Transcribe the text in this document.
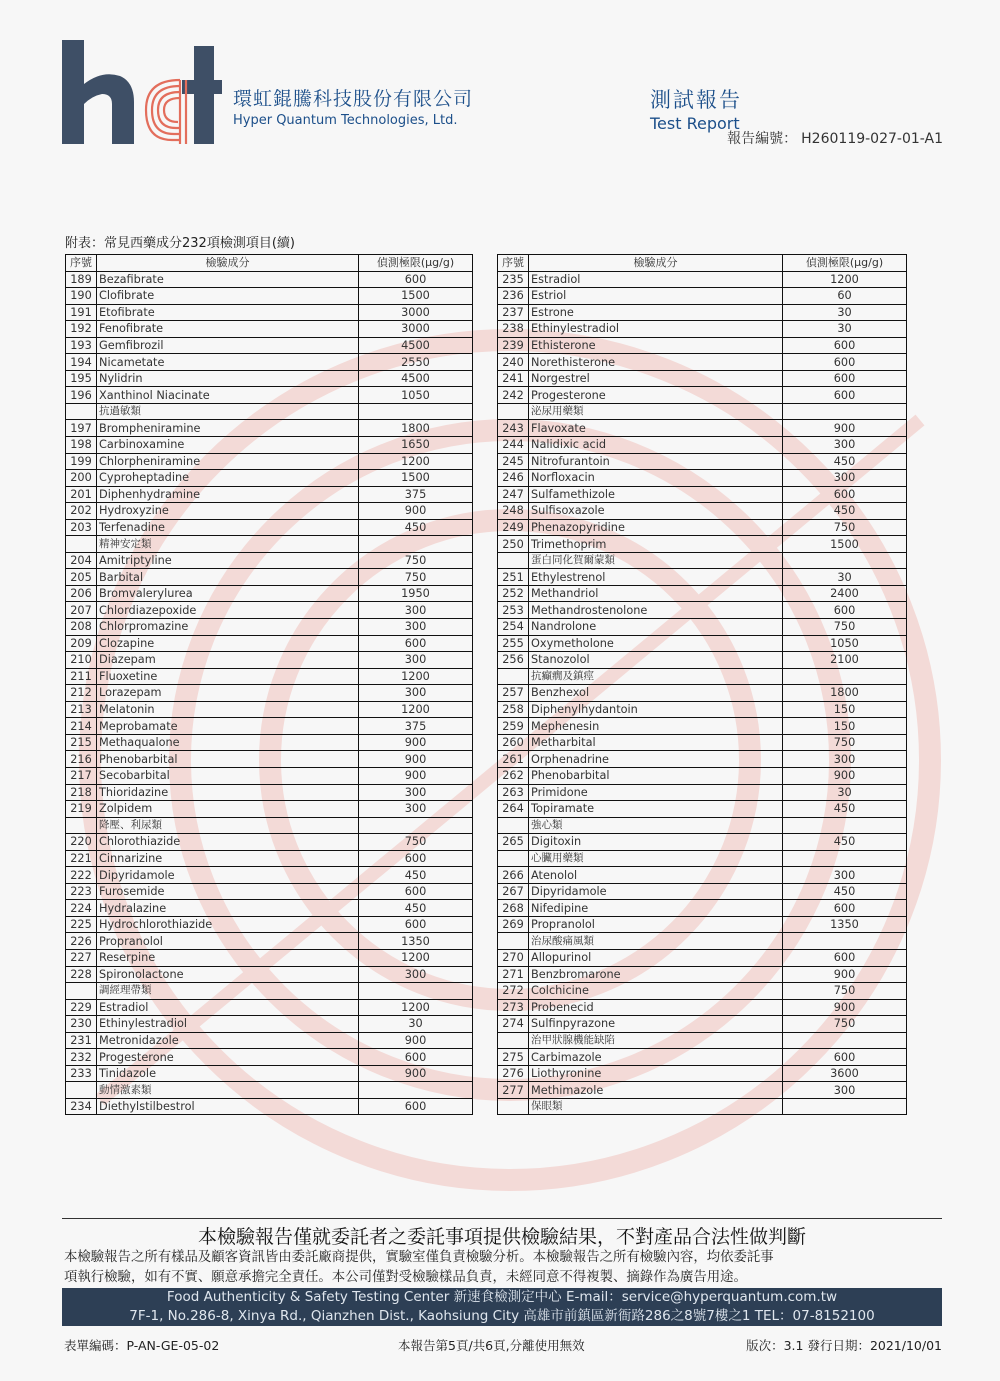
環虹錕騰科技股份有限公司
Hyper Quantum Technologies, Ltd.
測試報告
Test Report
報告編號： H260119-027-01-A1
附表：常見西藥成分232項檢測項目(續)
序號	檢驗成分	偵測極限(μg/g)
189	Bezafibrate	600
190	Clofibrate	1500
191	Etofibrate	3000
192	Fenofibrate	3000
193	Gemfibrozil	4500
194	Nicametate	2550
195	Nylidrin	4500
196	Xanthinol Niacinate	1050
	抗過敏類	
197	Brompheniramine	1800
198	Carbinoxamine	1650
199	Chlorpheniramine	1200
200	Cyproheptadine	1500
201	Diphenhydramine	375
202	Hydroxyzine	900
203	Terfenadine	450
	精神安定類	
204	Amitriptyline	750
205	Barbital	750
206	Bromvalerylurea	1950
207	Chlordiazepoxide	300
208	Chlorpromazine	300
209	Clozapine	600
210	Diazepam	300
211	Fluoxetine	1200
212	Lorazepam	300
213	Melatonin	1200
214	Meprobamate	375
215	Methaqualone	900
216	Phenobarbital	900
217	Secobarbital	900
218	Thioridazine	300
219	Zolpidem	300
	降壓、利尿類	
220	Chlorothiazide	750
221	Cinnarizine	600
222	Dipyridamole	450
223	Furosemide	600
224	Hydralazine	450
225	Hydrochlorothiazide	600
226	Propranolol	1350
227	Reserpine	1200
228	Spironolactone	300
	調經理帶類	
229	Estradiol	1200
230	Ethinylestradiol	30
231	Metronidazole	900
232	Progesterone	600
233	Tinidazole	900
	動情激素類	
234	Diethylstilbestrol	600
序號	檢驗成分	偵測極限(μg/g)
235	Estradiol	1200
236	Estriol	60
237	Estrone	30
238	Ethinylestradiol	30
239	Ethisterone	600
240	Norethisterone	600
241	Norgestrel	600
242	Progesterone	600
	泌尿用藥類	
243	Flavoxate	900
244	Nalidixic acid	300
245	Nitrofurantoin	450
246	Norfloxacin	300
247	Sulfamethizole	600
248	Sulfisoxazole	450
249	Phenazopyridine	750
250	Trimethoprim	1500
	蛋白同化賀爾蒙類	
251	Ethylestrenol	30
252	Methandriol	2400
253	Methandrostenolone	600
254	Nandrolone	750
255	Oxymetholone	1050
256	Stanozolol	2100
	抗癲癇及鎮痙	
257	Benzhexol	1800
258	Diphenylhydantoin	150
259	Mephenesin	150
260	Metharbital	750
261	Orphenadrine	300
262	Phenobarbital	900
263	Primidone	30
264	Topiramate	450
	強心類	
265	Digitoxin	450
	心臟用藥類	
266	Atenolol	300
267	Dipyridamole	450
268	Nifedipine	600
269	Propranolol	1350
	治尿酸痛風類	
270	Allopurinol	600
271	Benzbromarone	900
272	Colchicine	750
273	Probenecid	900
274	Sulfinpyrazone	750
	治甲狀腺機能缺陷	
275	Carbimazole	600
276	Liothyronine	3600
277	Methimazole	300
	保眼類	
本檢驗報告僅就委託者之委託事項提供檢驗結果，不對產品合法性做判斷
本檢驗報告之所有樣品及顧客資訊皆由委託廠商提供，實驗室僅負責檢驗分析。本檢驗報告之所有檢驗內容，均依委託事
項執行檢驗，如有不實、願意承擔完全責任。本公司僅對受檢驗樣品負責，未經同意不得複製、摘錄作為廣告用途。
Food Authenticity & Safety Testing Center 新速食檢測定中心 E-mail：service@hyperquantum.com.tw
7F-1, No.286-8, Xinya Rd., Qianzhen Dist., Kaohsiung City 高雄市前鎮區新衙路286之8號7樓之1 TEL：07-8152100
表單編碼：P-AN-GE-05-02	本報告第5頁/共6頁,分離使用無效	版次：3.1 發行日期：2021/10/01
